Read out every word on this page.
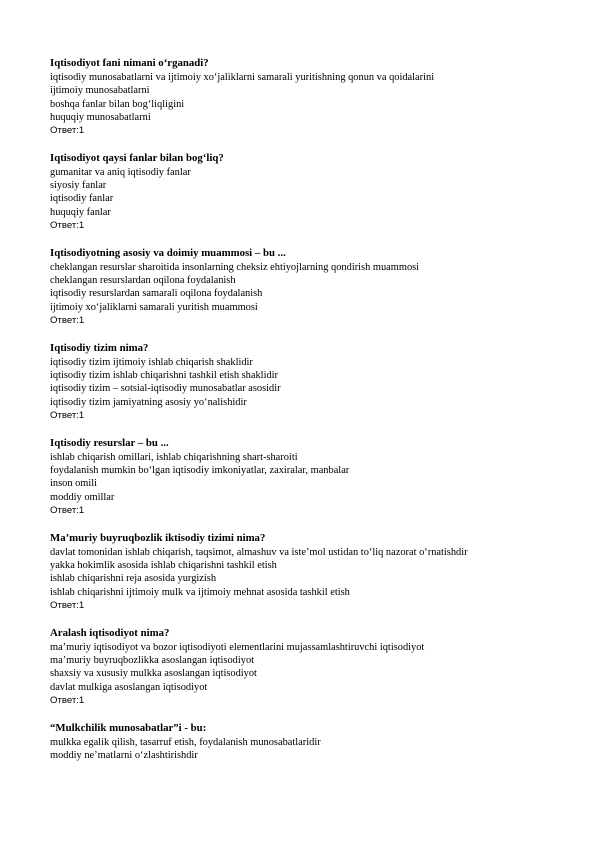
Iqtisodiyot fani nimani o‘rganadi?
iqtisodiy munosabatlarni va ijtimoiy xo‘jaliklarni samarali yuritishning qonun va qoidalarini
ijtimoiy munosabatlarni
boshqa fanlar bilan bog‘liqligini
huquqiy munosabatlarni
Ответ:1
Iqtisodiyot qaysi fanlar bilan bog‘liq?
gumanitar va aniq iqtisodiy fanlar
siyosiy fanlar
iqtisodiy fanlar
huquqiy fanlar
Ответ:1
Iqtisodiyotning asosiy va doimiy muammosi – bu ...
cheklangan resurslar sharoitida insonlarning cheksiz ehtiyojlarning qondirish muammosi
cheklangan resurslardan oqilona foydalanish
iqtisodiy resurslardan samarali oqilona foydalanish
ijtimoiy xo‘jaliklarni samarali yuritish muammosi
Ответ:1
Iqtisodiy tizim nima?
iqtisodiy tizim ijtimoiy ishlab chiqarish shaklidir
iqtisodiy tizim ishlab chiqarishni tashkil etish shaklidir
iqtisodiy tizim – sotsial-iqtisodiy munosabatlar asosidir
iqtisodiy tizim jamiyatning asosiy yo‘nalishidir
Ответ:1
Iqtisodiy resurslar – bu ...
ishlab chiqarish omillari, ishlab chiqarishning shart-sharoiti
foydalanish mumkin bo‘lgan iqtisodiy imkoniyatlar, zaxiralar, manbalar
inson omili
moddiy omillar
Ответ:1
Ma’muriy buyruqbozlik iktisodiy tizimi nima?
davlat tomonidan ishlab chiqarish, taqsimot, almashuv va iste’mol ustidan to‘liq nazorat o‘rnatishdir
yakka hokimlik asosida ishlab chiqarishni tashkil etish
ishlab chiqarishni reja asosida yurgizish
ishlab chiqarishni ijtimoiy mulk va ijtimoiy mehnat asosida tashkil etish
Ответ:1
Aralash iqtisodiyot nima?
ma’muriy iqtisodiyot va bozor iqtisodiyoti elementlarini mujassamlashtiruvchi iqtisodiyot
ma’muriy buyruqbozlikka asoslangan iqtisodiyot
shaxsiy va xususiy mulkka asoslangan iqtisodiyot
davlat mulkiga asoslangan iqtisodiyot
Ответ:1
“Mulkchilik munosabatlar”i - bu:
mulkka egalik qilish, tasarruf etish, foydalanish munosabatlaridir
moddiy ne’matlarni o‘zlashtirishdir
